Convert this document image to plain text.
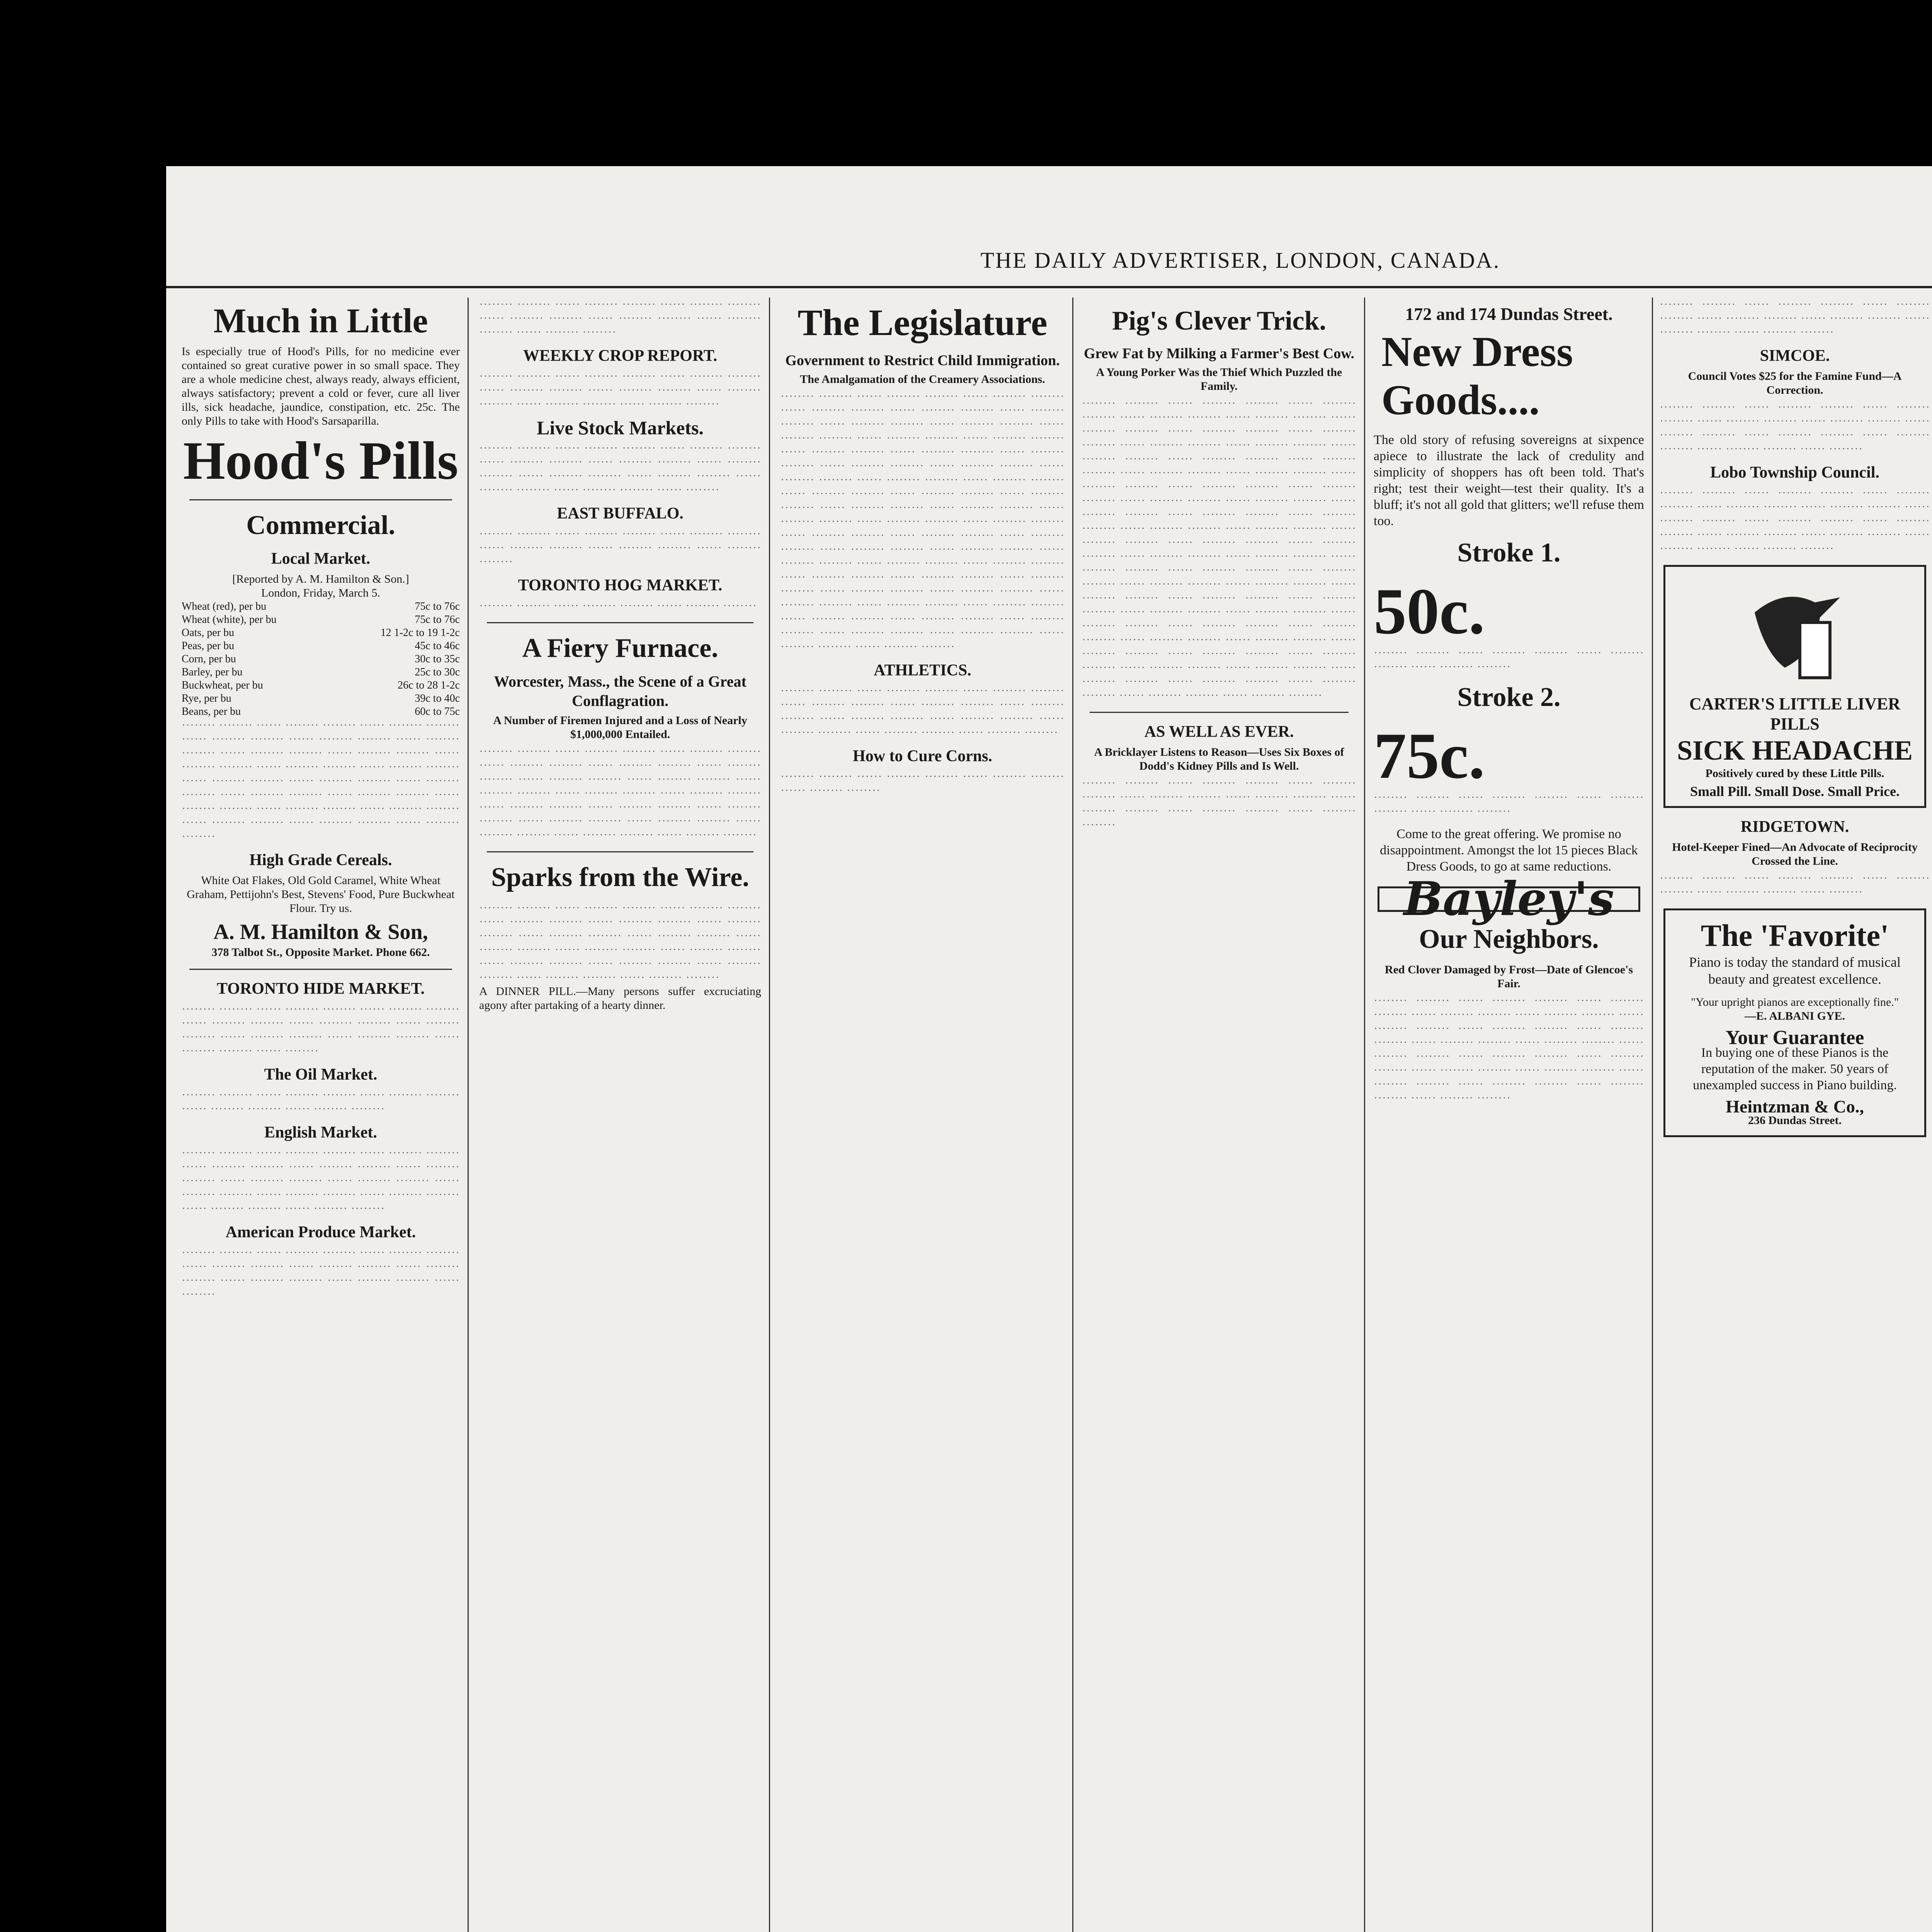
THE DAILY ADVERTISER, LONDON, CANADA.
Much in Little
Is especially true of Hood's Pills, for no medicine ever contained so great curative power in so small space. They are a whole medicine chest, always ready, always efficient, always satisfactory; prevent a cold or fever, cure all liver ills, sick headache, jaundice, constipation, etc. 25c. The only Pills to take with Hood's Sarsaparilla.
Hood's Pills
Commercial.
Local Market.
[Reported by A. M. Hamilton & Son.]
London, Friday, March 5.
Wheat (red), per bu	75c to 76c
Wheat (white), per bu	75c to 76c
Oats, per bu	12 1-2c to 19 1-2c
Peas, per bu	45c to 46c
Corn, per bu	30c to 35c
Barley, per bu	25c to 30c
Buckwheat, per bu	26c to 28 1-2c
Rye, per bu	39c to 40c
Beans, per bu	60c to 75c
········ ········ ······ ········ ········ ······ ········ ········ ······ ········ ········ ······ ········ ········ ······ ········ ········ ······ ········ ········ ······ ········ ········ ······ ········ ········ ······ ········ ········ ······ ········ ········ ······ ········ ········ ······ ········ ········ ······ ········ ········ ······ ········ ········ ······ ········ ········ ······ ········ ········ ······ ········ ········ ······ ········ ········ ······ ········ ········ ······ ········ ········ ······ ········ ········
High Grade Cereals.
White Oat Flakes, Old Gold Caramel, White Wheat Graham, Pettijohn's Best, Stevens' Food, Pure Buckwheat Flour. Try us.
A. M. Hamilton & Son,
378 Talbot St., Opposite Market. Phone 662.
TORONTO HIDE MARKET.
········ ········ ······ ········ ········ ······ ········ ········ ······ ········ ········ ······ ········ ········ ······ ········ ········ ······ ········ ········ ······ ········ ········ ······ ········ ········ ······ ········
The Oil Market.
········ ········ ······ ········ ········ ······ ········ ········ ······ ········ ········ ······ ········ ········
English Market.
········ ········ ······ ········ ········ ······ ········ ········ ······ ········ ········ ······ ········ ········ ······ ········ ········ ······ ········ ········ ······ ········ ········ ······ ········ ········ ······ ········ ········ ······ ········ ········ ······ ········ ········ ······ ········ ········
American Produce Market.
········ ········ ······ ········ ········ ······ ········ ········ ······ ········ ········ ······ ········ ········ ······ ········ ········ ······ ········ ········ ······ ········ ········ ······ ········
········ ········ ······ ········ ········ ······ ········ ········ ······ ········ ········ ······ ········ ········ ······ ········ ········ ······ ········ ········
WEEKLY CROP REPORT.
········ ········ ······ ········ ········ ······ ········ ········ ······ ········ ········ ······ ········ ········ ······ ········ ········ ······ ········ ········ ······ ········ ········
Live Stock Markets.
········ ········ ······ ········ ········ ······ ········ ········ ······ ········ ········ ······ ········ ········ ······ ········ ········ ······ ········ ········ ······ ········ ········ ······ ········ ········ ······ ········ ········ ······ ········
EAST BUFFALO.
········ ········ ······ ········ ········ ······ ········ ········ ······ ········ ········ ······ ········ ········ ······ ········ ········
TORONTO HOG MARKET.
········ ········ ······ ········ ········ ······ ········ ········
A Fiery Furnace.
Worcester, Mass., the Scene of a Great Conflagration.
A Number of Firemen Injured and a Loss of Nearly $1,000,000 Entailed.
········ ········ ······ ········ ········ ······ ········ ········ ······ ········ ········ ······ ········ ········ ······ ········ ········ ······ ········ ········ ······ ········ ········ ······ ········ ········ ······ ········ ········ ······ ········ ········ ······ ········ ········ ······ ········ ········ ······ ········ ········ ······ ········ ········ ······ ········ ········ ······ ········ ········ ······ ········ ········ ······ ········ ········
Sparks from the Wire.
········ ········ ······ ········ ········ ······ ········ ········ ······ ········ ········ ······ ········ ········ ······ ········ ········ ······ ········ ········ ······ ········ ········ ······ ········ ········ ······ ········ ········ ······ ········ ········ ······ ········ ········ ······ ········ ········ ······ ········ ········ ······ ········ ········ ······ ········ ········
A DINNER PILL.—Many persons suffer excruciating agony after partaking of a hearty dinner.
The Legislature
Government to Restrict Child Immigration.
The Amalgamation of the Creamery Associations.
········ ········ ······ ········ ········ ······ ········ ········ ······ ········ ········ ······ ········ ········ ······ ········ ········ ······ ········ ········ ······ ········ ········ ······ ········ ········ ······ ········ ········ ······ ········ ········ ······ ········ ········ ······ ········ ········ ······ ········ ········ ······ ········ ········ ······ ········ ········ ······ ········ ········ ······ ········ ········ ······ ········ ········ ······ ········ ········ ······ ········ ········ ······ ········ ········ ······ ········ ········ ······ ········ ········ ······ ········ ········ ······ ········ ········ ······ ········ ········ ······ ········ ········ ······ ········ ········ ······ ········ ········ ······ ········ ········ ······ ········ ········ ······ ········ ········ ······ ········ ········ ······ ········ ········ ······ ········ ········ ······ ········ ········ ······ ········ ········ ······ ········ ········ ······ ········ ········ ······ ········ ········ ······ ········ ········ ······ ········ ········ ······ ········ ········ ······ ········ ········ ······ ········ ········ ······ ········ ········ ······ ········ ········ ······ ········ ········ ······ ········ ········
ATHLETICS.
········ ········ ······ ········ ········ ······ ········ ········ ······ ········ ········ ······ ········ ········ ······ ········ ········ ······ ········ ········ ······ ········ ········ ······ ········ ········ ······ ········ ········ ······ ········ ········
How to Cure Corns.
········ ········ ······ ········ ········ ······ ········ ········ ······ ········ ········
Pig's Clever Trick.
Grew Fat by Milking a Farmer's Best Cow.
A Young Porker Was the Thief Which Puzzled the Family.
········ ········ ······ ········ ········ ······ ········ ········ ······ ········ ········ ······ ········ ········ ······ ········ ········ ······ ········ ········ ······ ········ ········ ······ ········ ········ ······ ········ ········ ······ ········ ········ ······ ········ ········ ······ ········ ········ ······ ········ ········ ······ ········ ········ ······ ········ ········ ······ ········ ········ ······ ········ ········ ······ ········ ········ ······ ········ ········ ······ ········ ········ ······ ········ ········ ······ ········ ········ ······ ········ ········ ······ ········ ········ ······ ········ ········ ······ ········ ········ ······ ········ ········ ······ ········ ········ ······ ········ ········ ······ ········ ········ ······ ········ ········ ······ ········ ········ ······ ········ ········ ······ ········ ········ ······ ········ ········ ······ ········ ········ ······ ········ ········ ······ ········ ········ ······ ········ ········ ······ ········ ········ ······ ········ ········ ······ ········ ········ ······ ········ ········ ······ ········ ········ ······ ········ ········ ······ ········ ········ ······ ········ ········ ······ ········ ········ ······ ········ ········ ······ ········ ········ ······ ········ ········ ······ ········ ········ ······ ········ ········ ······ ········ ········
AS WELL AS EVER.
A Bricklayer Listens to Reason—Uses Six Boxes of Dodd's Kidney Pills and Is Well.
········ ········ ······ ········ ········ ······ ········ ········ ······ ········ ········ ······ ········ ········ ······ ········ ········ ······ ········ ········ ······ ········ ········
172 and 174 Dundas Street.
New Dress Goods....
The old story of refusing sovereigns at sixpence apiece to illustrate the lack of credulity and simplicity of shoppers has oft been told. That's right; test their weight—test their quality. It's a bluff; it's not all gold that glitters; we'll refuse them too.
Stroke 1.
50c.
········ ········ ······ ········ ········ ······ ········ ········ ······ ········ ········
Stroke 2.
75c.
········ ········ ······ ········ ········ ······ ········ ········ ······ ········ ········
Come to the great offering. We promise no disappointment. Amongst the lot 15 pieces Black Dress Goods, to go at same reductions.
Bayley's
Our Neighbors.
Red Clover Damaged by Frost—Date of Glencoe's Fair.
········ ········ ······ ········ ········ ······ ········ ········ ······ ········ ········ ······ ········ ········ ······ ········ ········ ······ ········ ········ ······ ········ ········ ······ ········ ········ ······ ········ ········ ······ ········ ········ ······ ········ ········ ······ ········ ········ ······ ········ ········ ······ ········ ········ ······ ········ ········ ······ ········ ········ ······ ········ ········ ······ ········ ········
········ ········ ······ ········ ········ ······ ········ ········ ······ ········ ········ ······ ········ ········ ······ ········ ········ ······ ········ ········
SIMCOE.
Council Votes $25 for the Famine Fund—A Correction.
········ ········ ······ ········ ········ ······ ········ ········ ······ ········ ········ ······ ········ ········ ······ ········ ········ ······ ········ ········ ······ ········ ········ ······ ········ ········ ······ ········
Lobo Township Council.
········ ········ ······ ········ ········ ······ ········ ········ ······ ········ ········ ······ ········ ········ ······ ········ ········ ······ ········ ········ ······ ········ ········ ······ ········ ········ ······ ········ ········ ······ ········ ········ ······ ········ ········
CARTER'S LITTLE LIVER PILLS
SICK HEADACHE
Positively cured by these Little Pills.
Small Pill. Small Dose. Small Price.
RIDGETOWN.
Hotel-Keeper Fined—An Advocate of Reciprocity Crossed the Line.
········ ········ ······ ········ ········ ······ ········ ········ ······ ········ ········ ······ ········
The 'Favorite'
Piano is today the standard of musical beauty and greatest excellence.
"Your upright pianos are exceptionally fine."
—E. ALBANI GYE.
Your Guarantee
In buying one of these Pianos is the reputation of the maker. 50 years of unexampled success in Piano building.
Heintzman & Co.,
236 Dundas Street.
